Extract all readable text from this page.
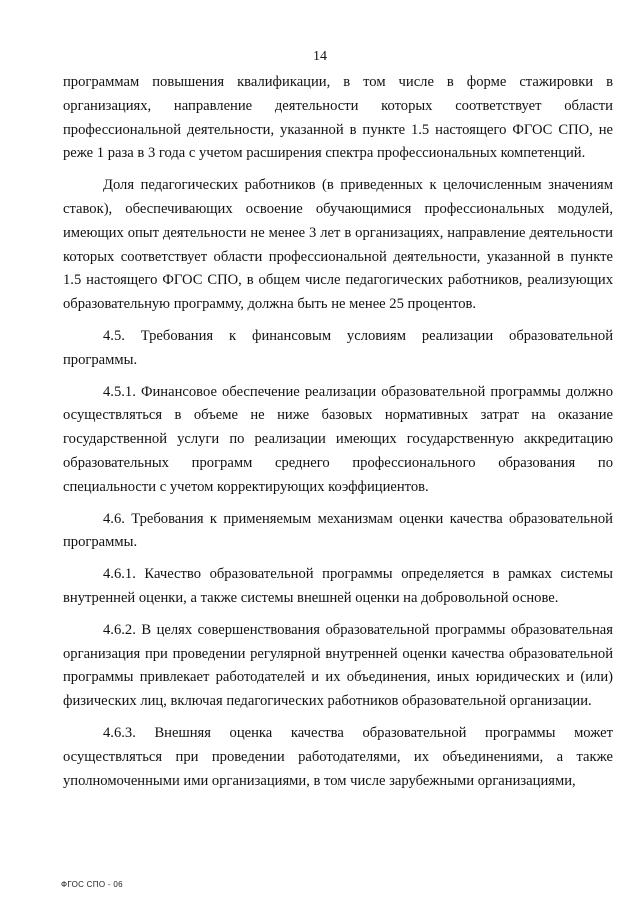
14

программам повышения квалификации, в том числе в форме стажировки в организациях, направление деятельности которых соответствует области профессиональной деятельности, указанной в пункте 1.5 настоящего ФГОС СПО, не реже 1 раза в 3 года с учетом расширения спектра профессиональных компетенций.

Доля педагогических работников (в приведенных к целочисленным значениям ставок), обеспечивающих освоение обучающимися профессиональных модулей, имеющих опыт деятельности не менее 3 лет в организациях, направление деятельности которых соответствует области профессиональной деятельности, указанной в пункте 1.5 настоящего ФГОС СПО, в общем числе педагогических работников, реализующих образовательную программу, должна быть не менее 25 процентов.

4.5. Требования к финансовым условиям реализации образовательной программы.

4.5.1. Финансовое обеспечение реализации образовательной программы должно осуществляться в объеме не ниже базовых нормативных затрат на оказание государственной услуги по реализации имеющих государственную аккредитацию образовательных программ среднего профессионального образования по специальности с учетом корректирующих коэффициентов.

4.6. Требования к применяемым механизмам оценки качества образовательной программы.

4.6.1. Качество образовательной программы определяется в рамках системы внутренней оценки, а также системы внешней оценки на добровольной основе.

4.6.2. В целях совершенствования образовательной программы образовательная организация при проведении регулярной внутренней оценки качества образовательной программы привлекает работодателей и их объединения, иных юридических и (или) физических лиц, включая педагогических работников образовательной организации.

4.6.3. Внешняя оценка качества образовательной программы может осуществляться при проведении работодателями, их объединениями, а также уполномоченными ими организациями, в том числе зарубежными организациями,

ФГОС СПО - 06
